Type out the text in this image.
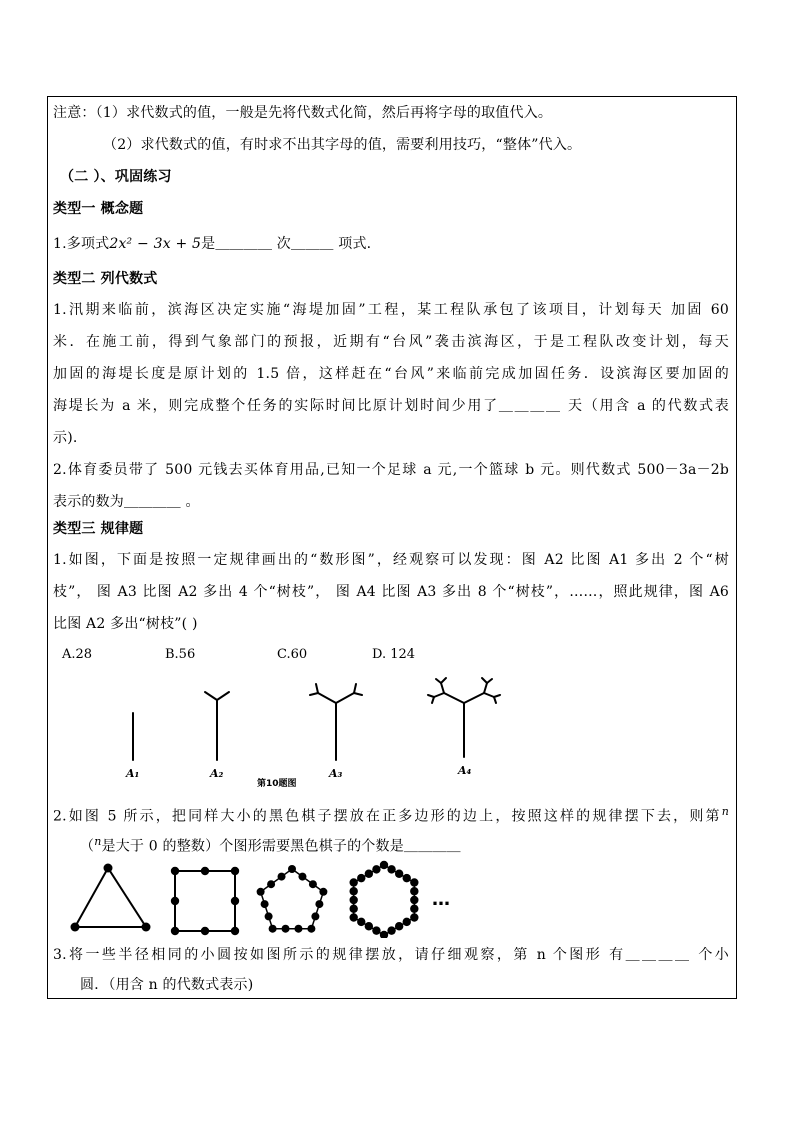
注意：（1）求代数式的值，一般是先将代数式化简，然后再将字母的取值代入。
（2）求代数式的值，有时求不出其字母的值，需要利用技巧，“整体”代入。
（二 ）、巩固练习
类型一 概念题
1.多项式2x² − 3x + 5是＿＿＿＿ 次＿＿＿ 项式.
类型二 列代数式
1.汛期来临前，滨海区决定实施“海堤加固”工程，某工程队承包了该项目，计划每天 加固 60
米．在施工前，得到气象部门的预报，近期有“台风”袭击滨海区，于是工程队改变计划，每天
加固的海堤长度是原计划的 1.5 倍，这样赶在“台风”来临前完成加固任务．设滨海区要加固的
海堤长为 a 米，则完成整个任务的实际时间比原计划时间少用了＿＿＿＿ 天（用含 a 的代数式表
示).
2.体育委员带了 500 元钱去买体育用品,已知一个足球 a 元,一个篮球 b 元。则代数式 500－3a－2b
表示的数为＿＿＿＿ 。
类型三 规律题
1.如图，下面是按照一定规律画出的“数形图”，经观察可以发现：图 A2 比图 A1 多出 2 个“树
枝”， 图 A3 比图 A2 多出 4 个“树枝”， 图 A4 比图 A3 多出 8 个“树枝”，……，照此规律，图 A6
比图 A2 多出“树枝”( )
A.28	B.56	C.60	D. 124
A₁	A₂	A₃	A₄
第10题图
2.如图 5 所示，把同样大小的黑色棋子摆放在正多边形的边上，按照这样的规律摆下去，则第$^n$
（$^n$是大于 0 的整数）个图形需要黑色棋子的个数是＿＿＿＿
…
3.将一些半径相同的小圆按如图所示的规律摆放，请仔细观察，第 n 个图形 有＿＿＿＿ 个小
圆．（用含 n 的代数式表示)
